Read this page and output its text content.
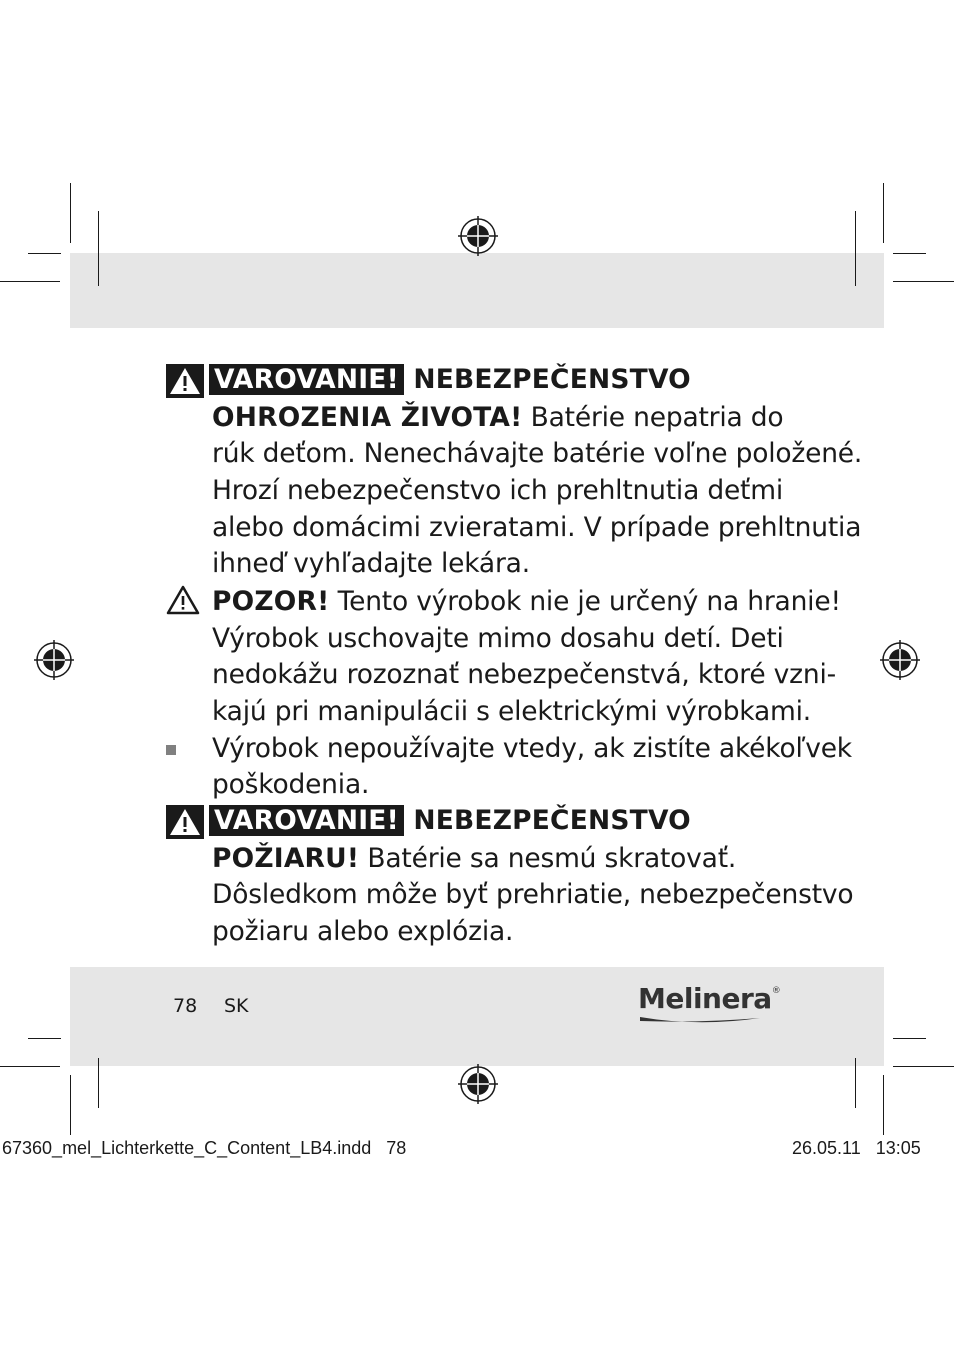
VAROVANIE! NEBEZPEČENSTVO
OHROZENIA ŽIVOTA! Batérie nepatria do
rúk deťom. Nenechávajte batérie voľne položené.
Hrozí nebezpečenstvo ich prehltnutia deťmi
alebo domácimi zvieratami. V prípade prehltnutia
ihneď vyhľadajte lekára.
POZOR! Tento výrobok nie je určený na hranie!
Výrobok uschovajte mimo dosahu detí. Deti
nedokážu rozoznať nebezpečenstvá, ktoré vzni-
kajú pri manipulácii s elektrickými výrobkami.
Výrobok nepoužívajte vtedy, ak zistíte akékoľvek
poškodenia.
VAROVANIE! NEBEZPEČENSTVO
POŽIARU! Batérie sa nesmú skratovať.
Dôsledkom môže byť prehriatie, nebezpečenstvo
požiaru alebo explózia.
78 SK	Melinera®
67360_mel_Lichterkette_C_Content_LB4.indd 78	26.05.11 13:05
